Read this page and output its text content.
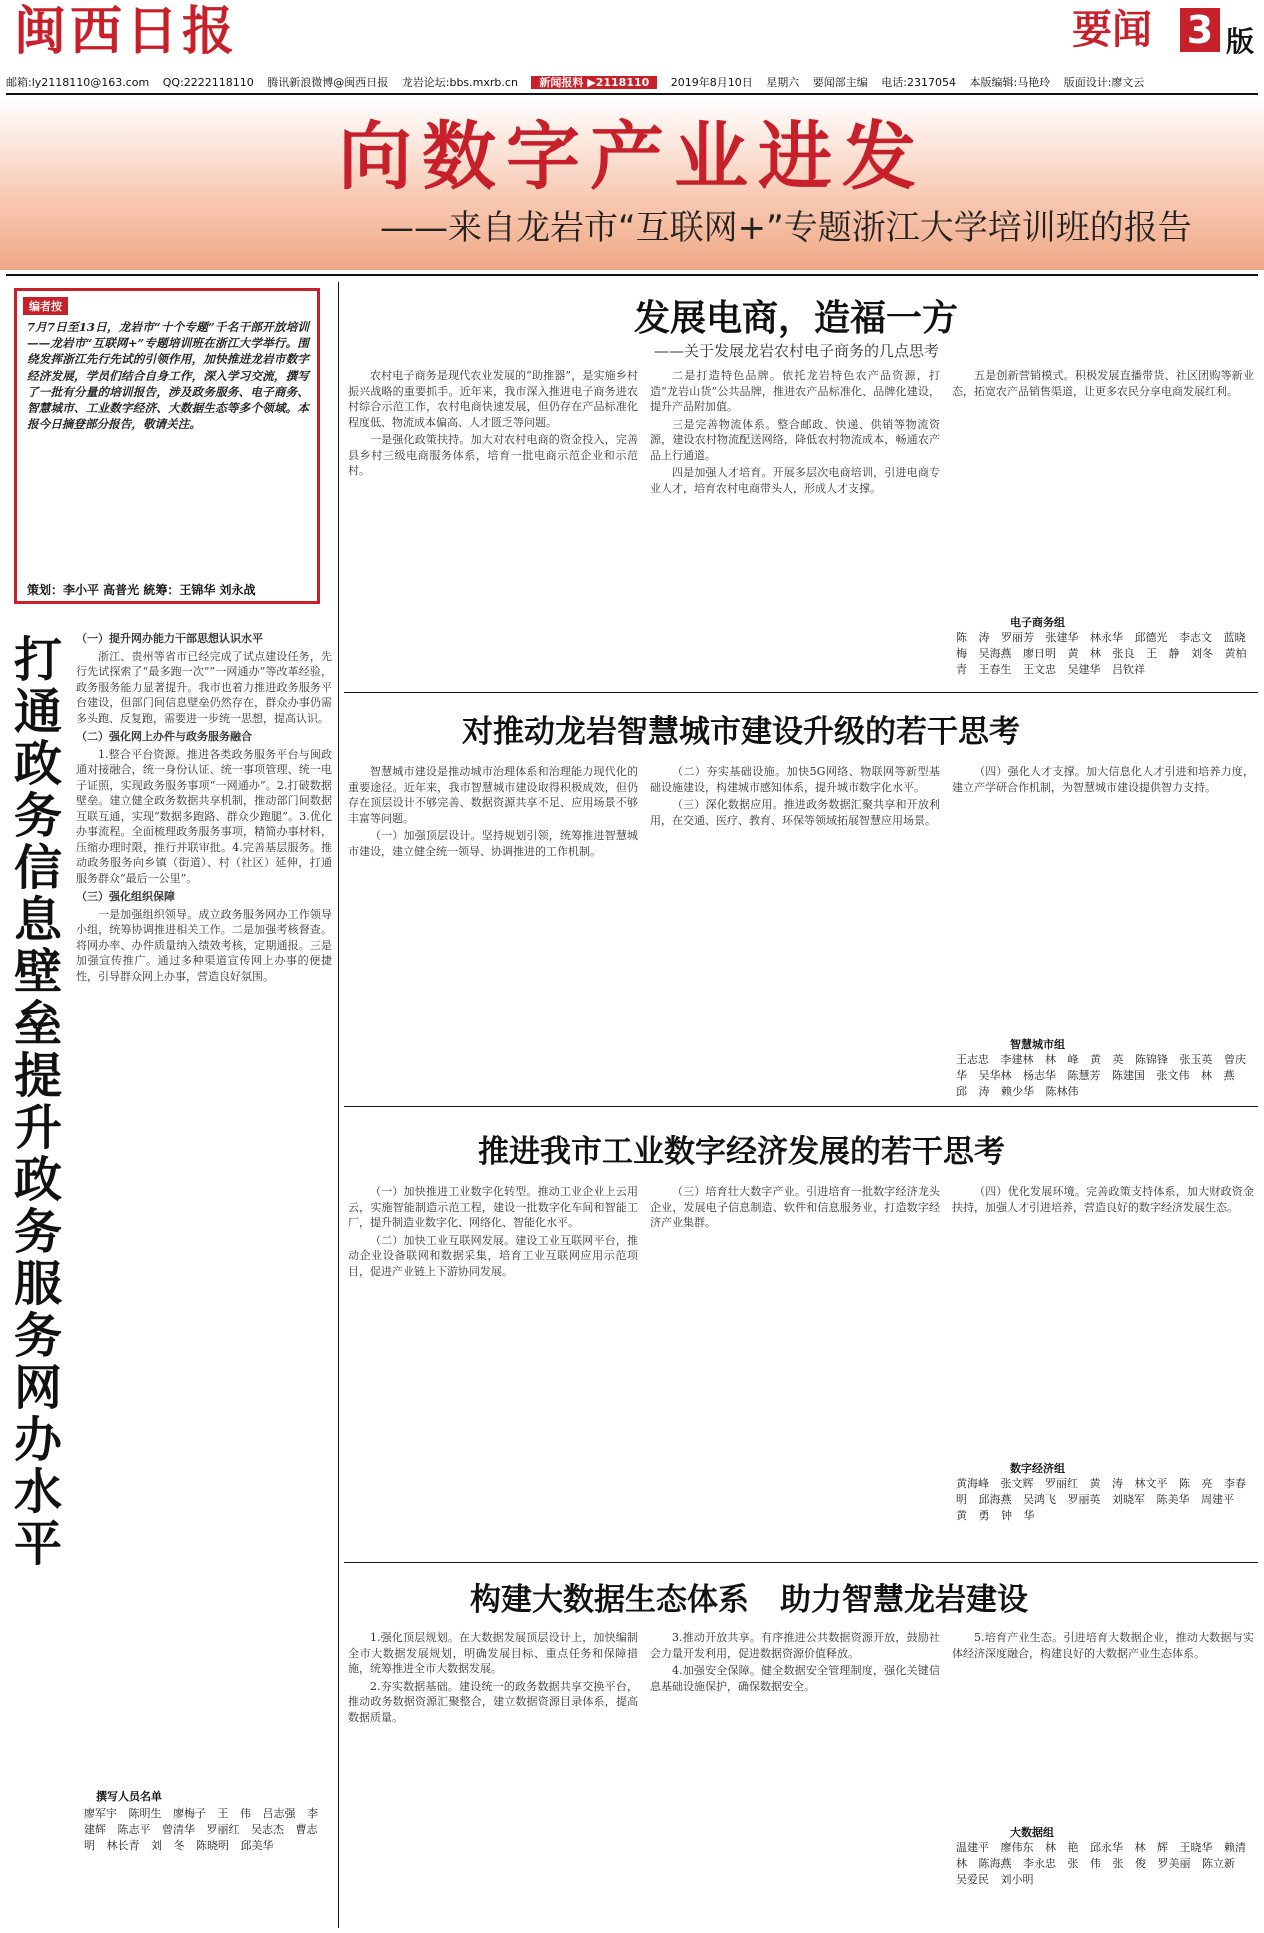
闽西日报	要闻 3 版
邮箱:ly2118110@163.com QQ:2222118110 腾讯新浪微博@闽西日报 龙岩论坛:bbs.mxrb.cn 新闻报料 ▶2118110 2019年8月10日 星期六 要闻部主编 电话:2317054 本版编辑:马艳玲 版面设计:廖文云
向数字产业进发
——来自龙岩市“互联网+”专题浙江大学培训班的报告
编者按
7月7日至13日，龙岩市“十个专题”千名干部开放培训——龙岩市“互联网+”专题培训班在浙江大学举行。围绕发挥浙江先行先试的引领作用，加快推进龙岩市数字经济发展，学员们结合自身工作，深入学习交流，撰写了一批有分量的培训报告，涉及政务服务、电子商务、智慧城市、工业数字经济、大数据生态等多个领域。本报今日摘登部分报告，敬请关注。
策划：李小平 高普光 統筹：王锦华 刘永战
打通政务信息壁垒提升政务服务网办水平
（一）提升网办能力干部思想认识水平

浙江、贵州等省市已经完成了试点建设任务，先行先试探索了“最多跑一次”“一网通办”等改革经验，政务服务能力显著提升。我市也着力推进政务服务平台建设，但部门间信息壁垒仍然存在，群众办事仍需多头跑、反复跑，需要进一步统一思想，提高认识。

（二）强化网上办件与政务服务融合

1.整合平台资源。推进各类政务服务平台与闽政通对接融合，统一身份认证、统一事项管理、统一电子证照，实现政务服务事项“一网通办”。2.打破数据壁垒。建立健全政务数据共享机制，推动部门间数据互联互通，实现“数据多跑路、群众少跑腿”。3.优化办事流程。全面梳理政务服务事项，精简办事材料，压缩办理时限，推行并联审批。4.完善基层服务。推动政务服务向乡镇（街道）、村（社区）延伸，打通服务群众“最后一公里”。

（三）强化组织保障

一是加强组织领导。成立政务服务网办工作领导小组，统筹协调推进相关工作。二是加强考核督查。将网办率、办件质量纳入绩效考核，定期通报。三是加强宣传推广。通过多种渠道宣传网上办事的便捷性，引导群众网上办事，营造良好氛围。

撰写人员名单
廖军宇 陈明生 廖梅子 王 伟 吕志强 李建辉 陈志平 曾清华 罗丽红 吴志杰 曹志明 林长青 刘 冬 陈晓明 邱美华
发展电商，造福一方
——关于发展龙岩农村电子商务的几点思考

农村电子商务是现代农业发展的“助推器”，是实施乡村振兴战略的重要抓手。近年来，我市深入推进电子商务进农村综合示范工作，农村电商快速发展，但仍存在产品标准化程度低、物流成本偏高、人才匮乏等问题。

一是强化政策扶持。加大对农村电商的资金投入，完善县乡村三级电商服务体系，培育一批电商示范企业和示范村。

二是打造特色品牌。依托龙岩特色农产品资源，打造“龙岩山货”公共品牌，推进农产品标准化、品牌化建设，提升产品附加值。

三是完善物流体系。整合邮政、快递、供销等物流资源，建设农村物流配送网络，降低农村物流成本，畅通农产品上行通道。

四是加强人才培育。开展多层次电商培训，引进电商专业人才，培育农村电商带头人，形成人才支撑。

五是创新营销模式。积极发展直播带货、社区团购等新业态，拓宽农产品销售渠道，让更多农民分享电商发展红利。

电子商务组
陈 涛 罗丽芳 张建华 林永华 邱德光 李志文 蓝晓梅 吴海燕 廖日明 黄 林 张良 王 静 刘冬 黄柏青 王春生 王文忠 吴建华 吕钦祥
对推动龙岩智慧城市建设升级的若干思考

智慧城市建设是推动城市治理体系和治理能力现代化的重要途径。近年来，我市智慧城市建设取得积极成效，但仍存在顶层设计不够完善、数据资源共享不足、应用场景不够丰富等问题。

（一）加强顶层设计。坚持规划引领，统筹推进智慧城市建设，建立健全统一领导、协调推进的工作机制。

（二）夯实基础设施。加快5G网络、物联网等新型基础设施建设，构建城市感知体系，提升城市数字化水平。

（三）深化数据应用。推进政务数据汇聚共享和开放利用，在交通、医疗、教育、环保等领域拓展智慧应用场景。

（四）强化人才支撑。加大信息化人才引进和培养力度，建立产学研合作机制，为智慧城市建设提供智力支持。

智慧城市组
王志忠 李建林 林 峰 黄 英 陈锦锋 张玉英 曾庆华 吴华林 杨志华 陈慧芳 陈建国 张文伟 林 燕 邱 涛 赖少华 陈林伟
推进我市工业数字经济发展的若干思考

（一）加快推进工业数字化转型。推动工业企业上云用云，实施智能制造示范工程，建设一批数字化车间和智能工厂，提升制造业数字化、网络化、智能化水平。

（二）加快工业互联网发展。建设工业互联网平台，推动企业设备联网和数据采集，培育工业互联网应用示范项目，促进产业链上下游协同发展。

（三）培育壮大数字产业。引进培育一批数字经济龙头企业，发展电子信息制造、软件和信息服务业，打造数字经济产业集群。

（四）优化发展环境。完善政策支持体系，加大财政资金扶持，加强人才引进培养，营造良好的数字经济发展生态。

数字经济组
黄海峰 张文辉 罗丽红 黄 涛 林文平 陈 亮 李春明 邱海燕 吴鸿飞 罗丽英 刘晓军 陈美华 周建平 黄 勇 钟 华
构建大数据生态体系　助力智慧龙岩建设

1.强化顶层规划。在大数据发展顶层设计上，加快编制全市大数据发展规划，明确发展目标、重点任务和保障措施，统筹推进全市大数据发展。

2.夯实数据基础。建设统一的政务数据共享交换平台，推动政务数据资源汇聚整合，建立数据资源目录体系，提高数据质量。

3.推动开放共享。有序推进公共数据资源开放，鼓励社会力量开发利用，促进数据资源价值释放。

4.加强安全保障。健全数据安全管理制度，强化关键信息基础设施保护，确保数据安全。

5.培育产业生态。引进培育大数据企业，推动大数据与实体经济深度融合，构建良好的大数据产业生态体系。

大数据组
温建平 廖伟东 林 艳 邱永华 林 辉 王晓华 赖清林 陈海燕 李永忠 张 伟 张 俊 罗美丽 陈立新 吴爱民 刘小明
